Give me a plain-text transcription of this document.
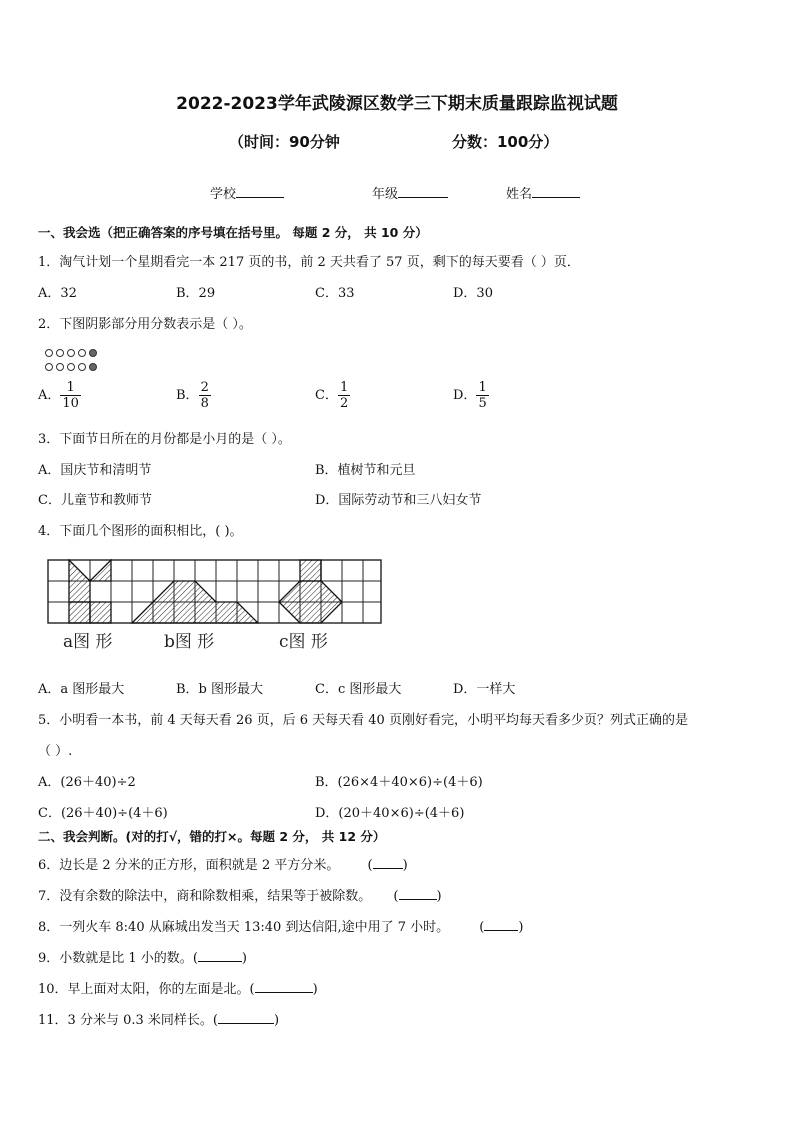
2022-2023学年武陵源区数学三下期末质量跟踪监视试题
（时间：90分钟	分数：100分）
学校	年级	姓名
一、我会选（把正确答案的序号填在括号里。 每题 2 分， 共 10 分）
1．淘气计划一个星期看完一本 217 页的书，前 2 天共看了 57 页，剩下的每天要看（ ）页．
A．32	B．29	C．33	D．30
2．下图阴影部分用分数表示是（ ）。
A． $\frac{1}{10}$	B． $\frac{2}{8}$	C． $\frac{1}{2}$	D． $\frac{1}{5}$
3．下面节日所在的月份都是小月的是（ ）。
A．国庆节和清明节	B．植树节和元旦
C．儿童节和教师节	D．国际劳动节和三八妇女节
4．下面几个图形的面积相比，( )。
a图 形	b图 形	c图 形
A．a 图形最大	B．b 图形最大	C．c 图形最大	D．一样大
5．小明看一本书，前 4 天每天看 26 页，后 6 天每天看 40 页刚好看完，小明平均每天看多少页？列式正确的是
（ ）.
A．(26＋40)÷2	B．(26×4＋40×6)÷(4＋6)
C．(26＋40)÷(4＋6)	D．(20＋40×6)÷(4＋6)
二、我会判断。(对的打√，错的打×。每题 2 分， 共 12 分）
6．边长是 2 分米的正方形，面积就是 2 平方分米。 ( )
7．没有余数的除法中，商和除数相乘，结果等于被除数。 (	)
8．一列火车 8:40 从麻城出发当天 13:40 到达信阳,途中用了 7 小时。 (	)
9．小数就是比 1 小的数。(	)
10．早上面对太阳，你的左面是北。(	)
11．3 分米与 0.3 米同样长。(	)
